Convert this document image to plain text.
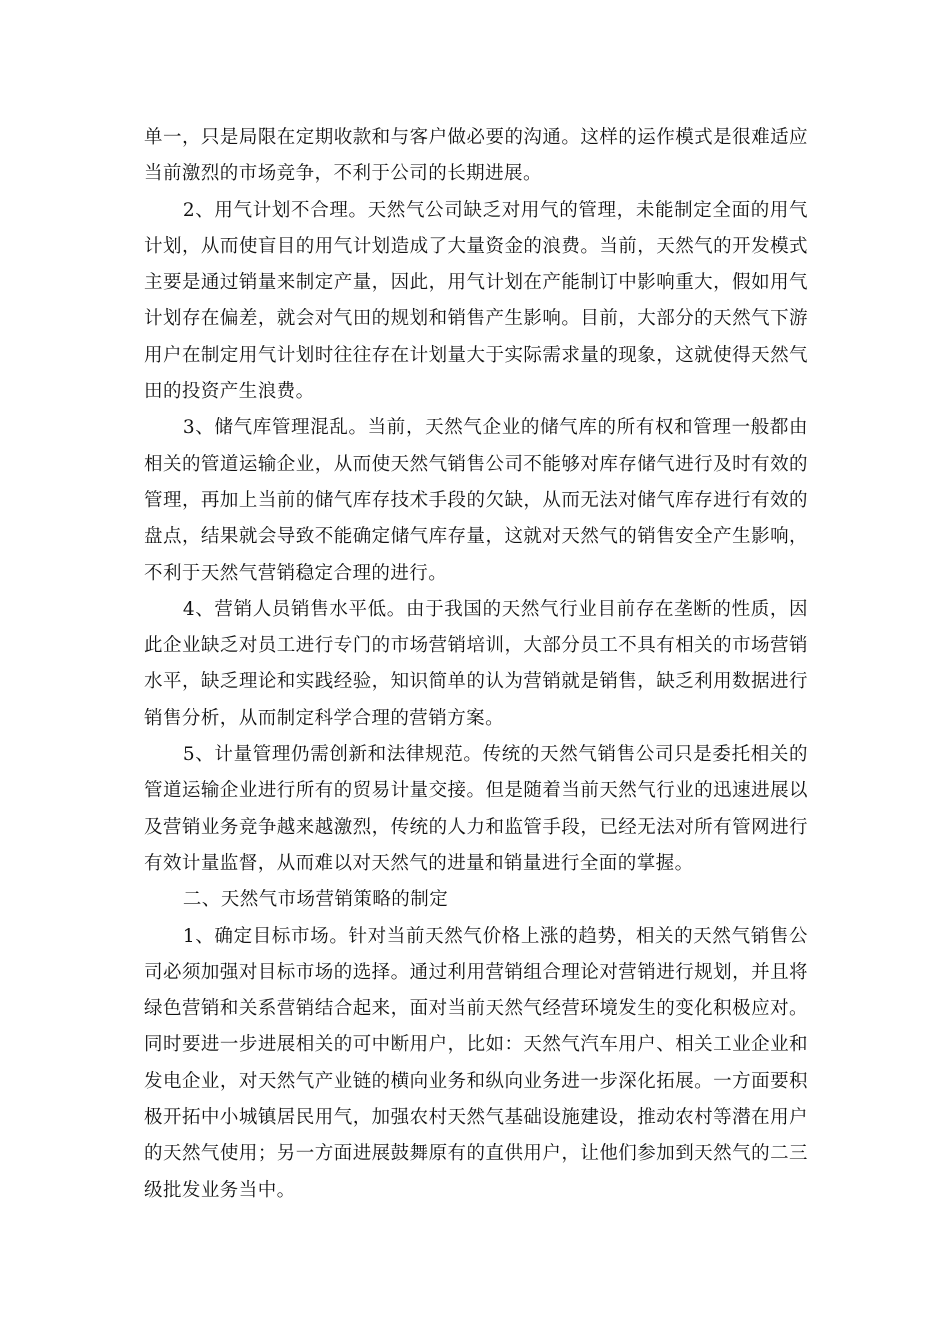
单一，只是局限在定期收款和与客户做必要的沟通。这样的运作模式是很难适应当前激烈的市场竞争，不利于公司的长期进展。

2、用气计划不合理。天然气公司缺乏对用气的管理，未能制定全面的用气计划，从而使盲目的用气计划造成了大量资金的浪费。当前，天然气的开发模式主要是通过销量来制定产量，因此，用气计划在产能制订中影响重大，假如用气计划存在偏差，就会对气田的规划和销售产生影响。目前，大部分的天然气下游用户在制定用气计划时往往存在计划量大于实际需求量的现象，这就使得天然气田的投资产生浪费。

3、储气库管理混乱。当前，天然气企业的储气库的所有权和管理一般都由相关的管道运输企业，从而使天然气销售公司不能够对库存储气进行及时有效的管理，再加上当前的储气库存技术手段的欠缺，从而无法对储气库存进行有效的盘点，结果就会导致不能确定储气库存量，这就对天然气的销售安全产生影响，不利于天然气营销稳定合理的进行。

4、营销人员销售水平低。由于我国的天然气行业目前存在垄断的性质，因此企业缺乏对员工进行专门的市场营销培训，大部分员工不具有相关的市场营销水平，缺乏理论和实践经验，知识简单的认为营销就是销售，缺乏利用数据进行销售分析，从而制定科学合理的营销方案。

5、计量管理仍需创新和法律规范。传统的天然气销售公司只是委托相关的管道运输企业进行所有的贸易计量交接。但是随着当前天然气行业的迅速进展以及营销业务竞争越来越激烈，传统的人力和监管手段，已经无法对所有管网进行有效计量监督，从而难以对天然气的进量和销量进行全面的掌握。

二、天然气市场营销策略的制定

1、确定目标市场。针对当前天然气价格上涨的趋势，相关的天然气销售公司必须加强对目标市场的选择。通过利用营销组合理论对营销进行规划，并且将绿色营销和关系营销结合起来，面对当前天然气经营环境发生的变化积极应对。同时要进一步进展相关的可中断用户，比如：天然气汽车用户、相关工业企业和发电企业，对天然气产业链的横向业务和纵向业务进一步深化拓展。一方面要积极开拓中小城镇居民用气，加强农村天然气基础设施建设，推动农村等潜在用户的天然气使用；另一方面进展鼓舞原有的直供用户，让他们参加到天然气的二三级批发业务当中。
